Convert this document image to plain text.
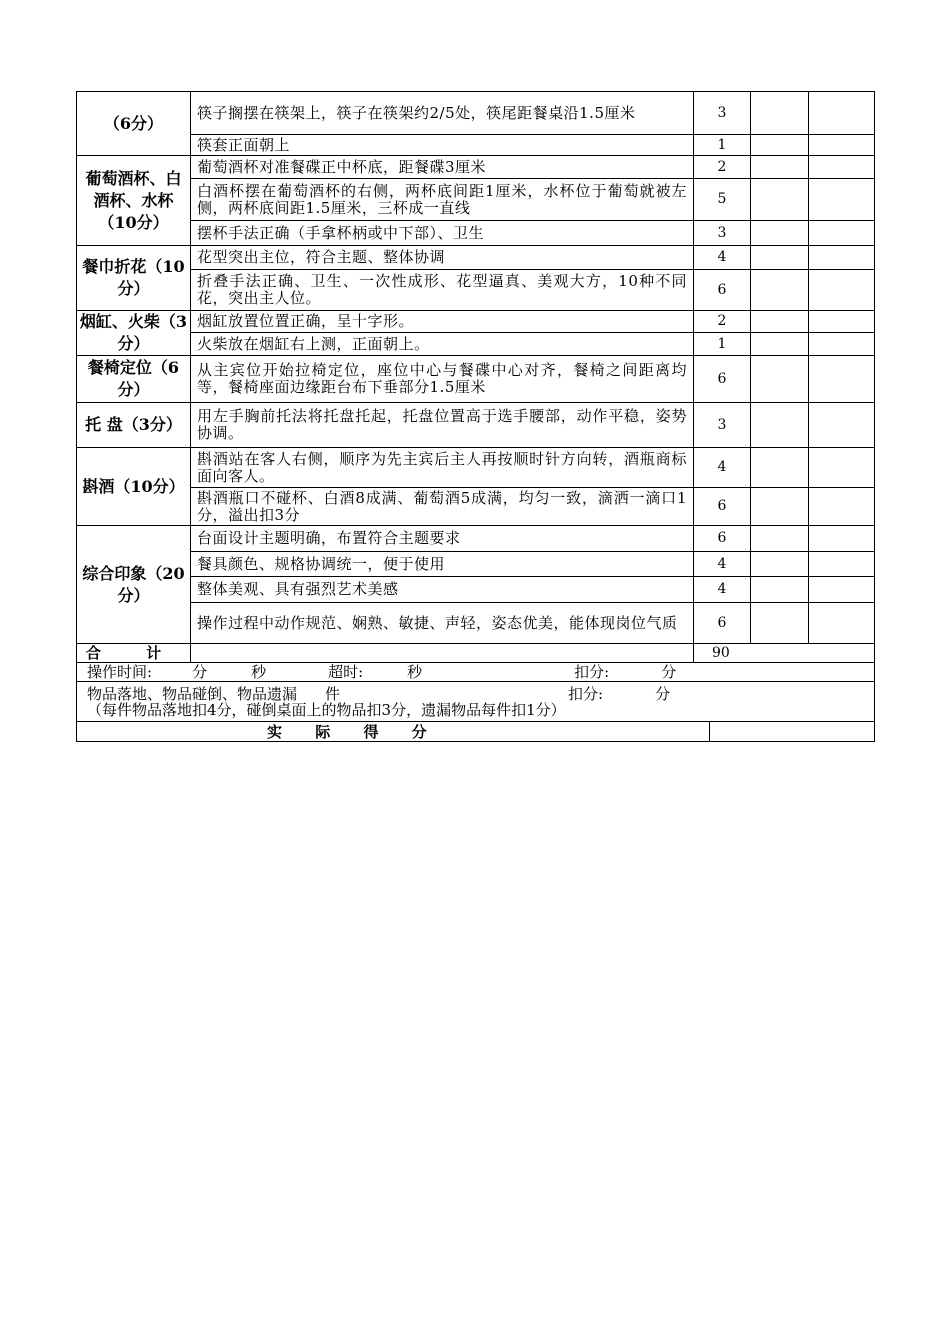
（6分）	筷子搁摆在筷架上，筷子在筷架约2/5处，筷尾距餐桌沿1.5厘米	3		
	筷套正面朝上	1		
葡萄酒杯、白酒杯、水杯（10分）	葡萄酒杯对准餐碟正中杯底，距餐碟3厘米	2		
	白酒杯摆在葡萄酒杯的右侧，两杯底间距1厘米，水杯位于葡萄就被左侧，两杯底间距1.5厘米，三杯成一直线	5		
	摆杯手法正确（手拿杯柄或中下部）、卫生	3		
餐巾折花（10分）	花型突出主位，符合主题、整体协调	4		
	折叠手法正确、卫生、一次性成形、花型逼真、美观大方，10种不同花，突出主人位。	6		
烟缸、火柴（3分）	烟缸放置位置正确，呈十字形。	2		
	火柴放在烟缸右上测，正面朝上。	1		
餐椅定位（6分）	从主宾位开始拉椅定位，座位中心与餐碟中心对齐，餐椅之间距离均等，餐椅座面边缘距台布下垂部分1.5厘米	6		
托 盘（3分）	用左手胸前托法将托盘托起，托盘位置高于选手腰部，动作平稳，姿势协调。	3		
斟酒（10分）	斟酒站在客人右侧，顺序为先主宾后主人再按顺时针方向转，酒瓶商标面向客人。	4		
	斟酒瓶口不碰杯、白酒8成满、葡萄酒5成满，均匀一致，滴洒一滴口1分，溢出扣3分	6		
综合印象（20分）	台面设计主题明确，布置符合主题要求	6		
	餐具颜色、规格协调统一，便于使用	4		
	整体美观、具有强烈艺术美感	4		
	操作过程中动作规范、娴熟、敏捷、声轻，姿态优美，能体现岗位气质	6		
合 计		90		
操作时间:	分	秒	超时:	秒	扣分:	分

物品落地、物品碰倒、物品遗漏 件	扣分:	分
（每件物品落地扣4分，碰倒桌面上的物品扣3分，遗漏物品每件扣1分）

实 际 得 分	
